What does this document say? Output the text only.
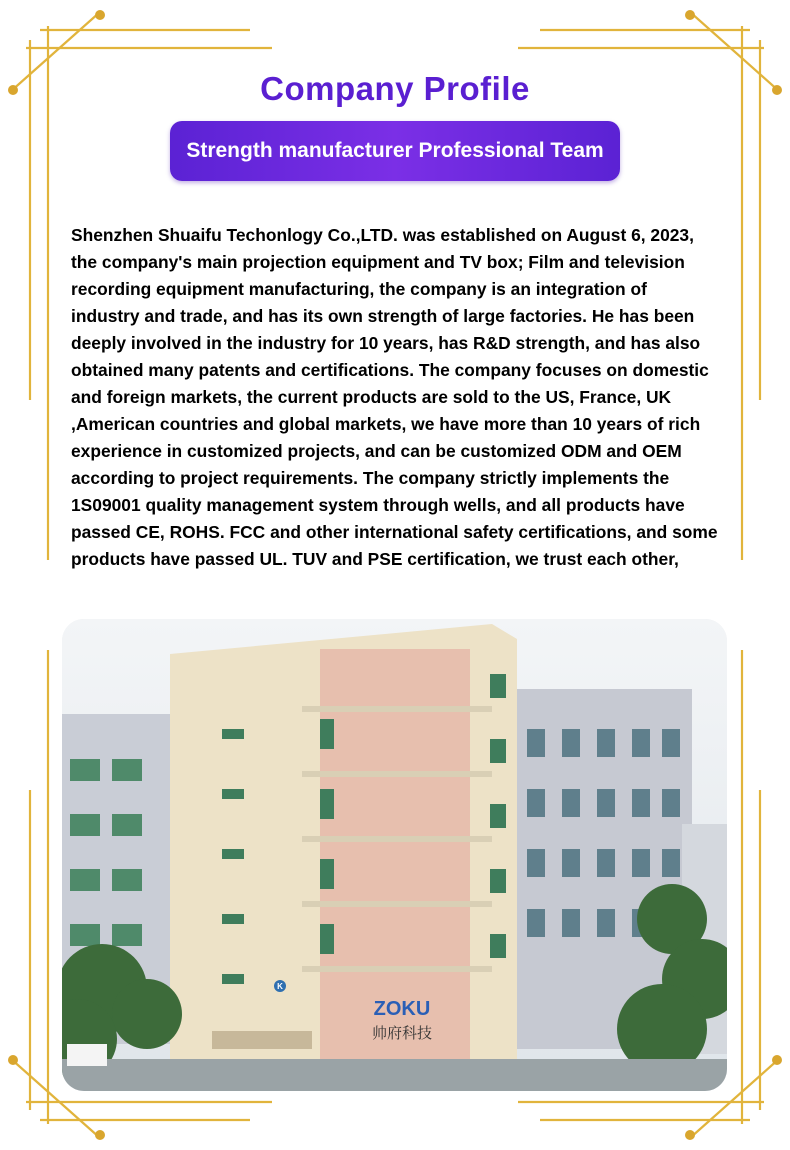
Company Profile
Strength manufacturer Professional Team
Shenzhen Shuaifu Techonlogy Co.,LTD. was established on August 6, 2023,
the company's main projection equipment and TV box; Film and television
recording equipment manufacturing, the company is an integration of
industry and trade, and has its own strength of large factories. He has been
deeply involved in the industry for 10 years, has R&D strength, and has also
obtained many patents and certifications. The company focuses on domestic
and foreign markets, the current products are sold to the US, France, UK
,American countries and global markets, we have more than 10 years of rich
experience in customized projects, and can be customized ODM and OEM
according to project requirements. The company strictly implements the
1S09001 quality management system through wells, and all products have
passed CE, ROHS. FCC and other international safety certifications, and some
products have passed UL. TUV and PSE certification, we trust each other,
K
ZOKU
帅府科技
